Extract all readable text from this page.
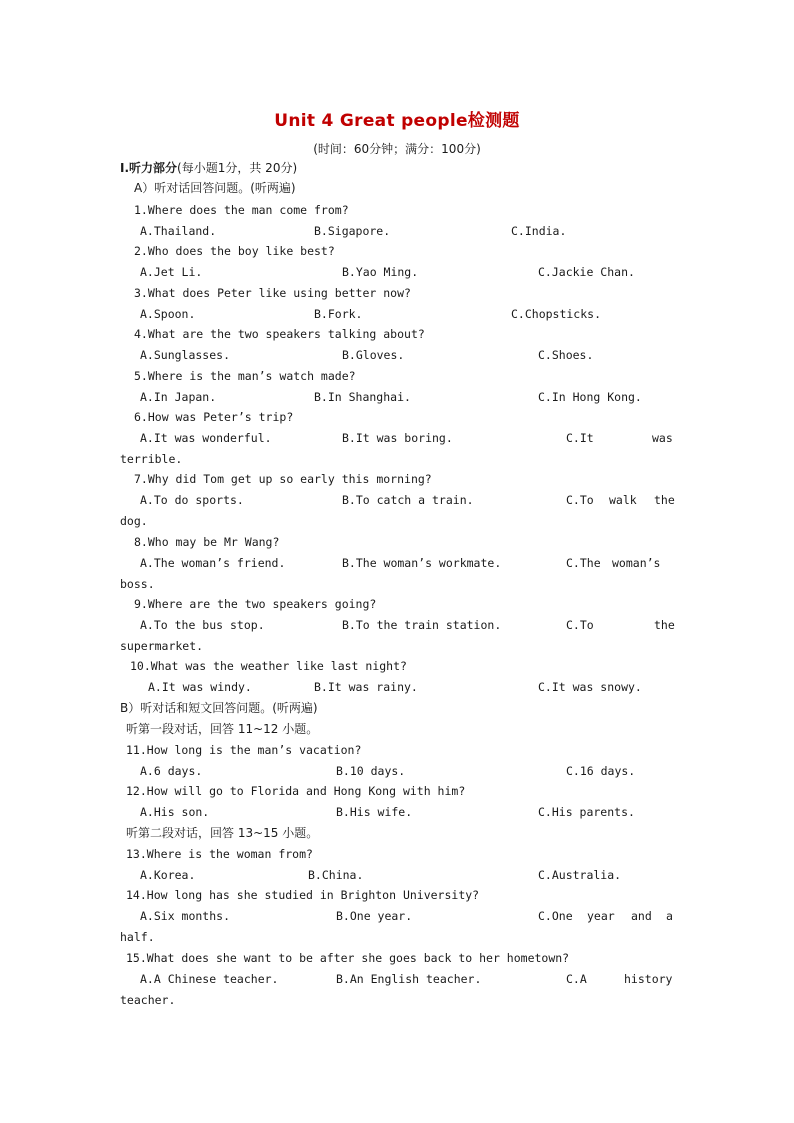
Unit 4 Great people检测题
(时间：60分钟；满分：100分)
Ⅰ.听力部分(每小题1分，共 20分)
A）听对话回答问题。(听两遍)
1.Where does the man come from?
A.Thailand.	B.Sigapore.	C.India.
2.Who does the boy like best?
A.Jet Li.	B.Yao Ming.	C.Jackie Chan.
3.What does Peter like using better now?
A.Spoon.	B.Fork.	C.Chopsticks.
4.What are the two speakers talking about?
A.Sunglasses.	B.Gloves.	C.Shoes.
5.Where is the man’s watch made?
A.In Japan.	B.In Shanghai.	C.In Hong Kong.
6.How was Peter’s trip?
A.It was wonderful.	B.It was boring.	C.It	was
terrible.
7.Why did Tom get up so early this morning?
A.To do sports.	B.To catch a train.	C.To walk the
dog.
8.Who may be Mr Wang?
A.The woman’s friend.	B.The woman’s workmate.	C.The woman’s
boss.
9.Where are the two speakers going?
A.To the bus stop.	B.To the train station.	C.To	the
supermarket.
10.What was the weather like last night?
A.It was windy.	B.It was rainy.	C.It was snowy.
11.How long is the man’s vacation?
A.6 days.	B.10 days.	C.16 days.
12.How will go to Florida and Hong Kong with him?
A.His son.	B.His wife.	C.His parents.
13.Where is the woman from?
A.Korea.	B.China.	C.Australia.
14.How long has she studied in Brighton University?
A.Six months.	B.One year.	C.One year and a
half.
15.What does she want to be after she goes back to her hometown?
A.A Chinese teacher.	B.An English teacher.	C.A	history
teacher.
B）听对话和短文回答问题。(听两遍)
听第一段对话，回答 11~12 小题。
听第二段对话，回答 13~15 小题。
